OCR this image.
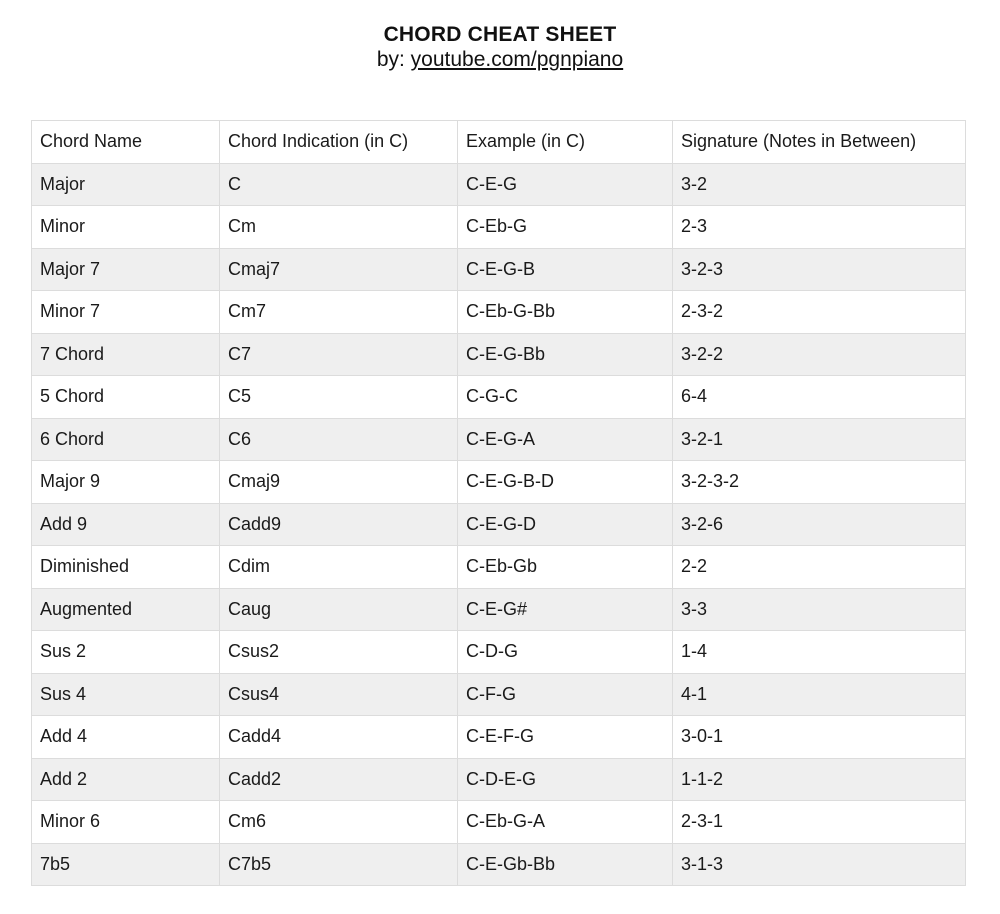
CHORD CHEAT SHEET

by: youtube.com/pgnpiano

Chord Name	Chord Indication (in C)	Example (in C)	Signature (Notes in Between)
Major	C	C-E-G	3-2
Minor	Cm	C-Eb-G	2-3
Major 7	Cmaj7	C-E-G-B	3-2-3
Minor 7	Cm7	C-Eb-G-Bb	2-3-2
7 Chord	C7	C-E-G-Bb	3-2-2
5 Chord	C5	C-G-C	6-4
6 Chord	C6	C-E-G-A	3-2-1
Major 9	Cmaj9	C-E-G-B-D	3-2-3-2
Add 9	Cadd9	C-E-G-D	3-2-6
Diminished	Cdim	C-Eb-Gb	2-2
Augmented	Caug	C-E-G#	3-3
Sus 2	Csus2	C-D-G	1-4
Sus 4	Csus4	C-F-G	4-1
Add 4	Cadd4	C-E-F-G	3-0-1
Add 2	Cadd2	C-D-E-G	1-1-2
Minor 6	Cm6	C-Eb-G-A	2-3-1
7b5	C7b5	C-E-Gb-Bb	3-1-3
